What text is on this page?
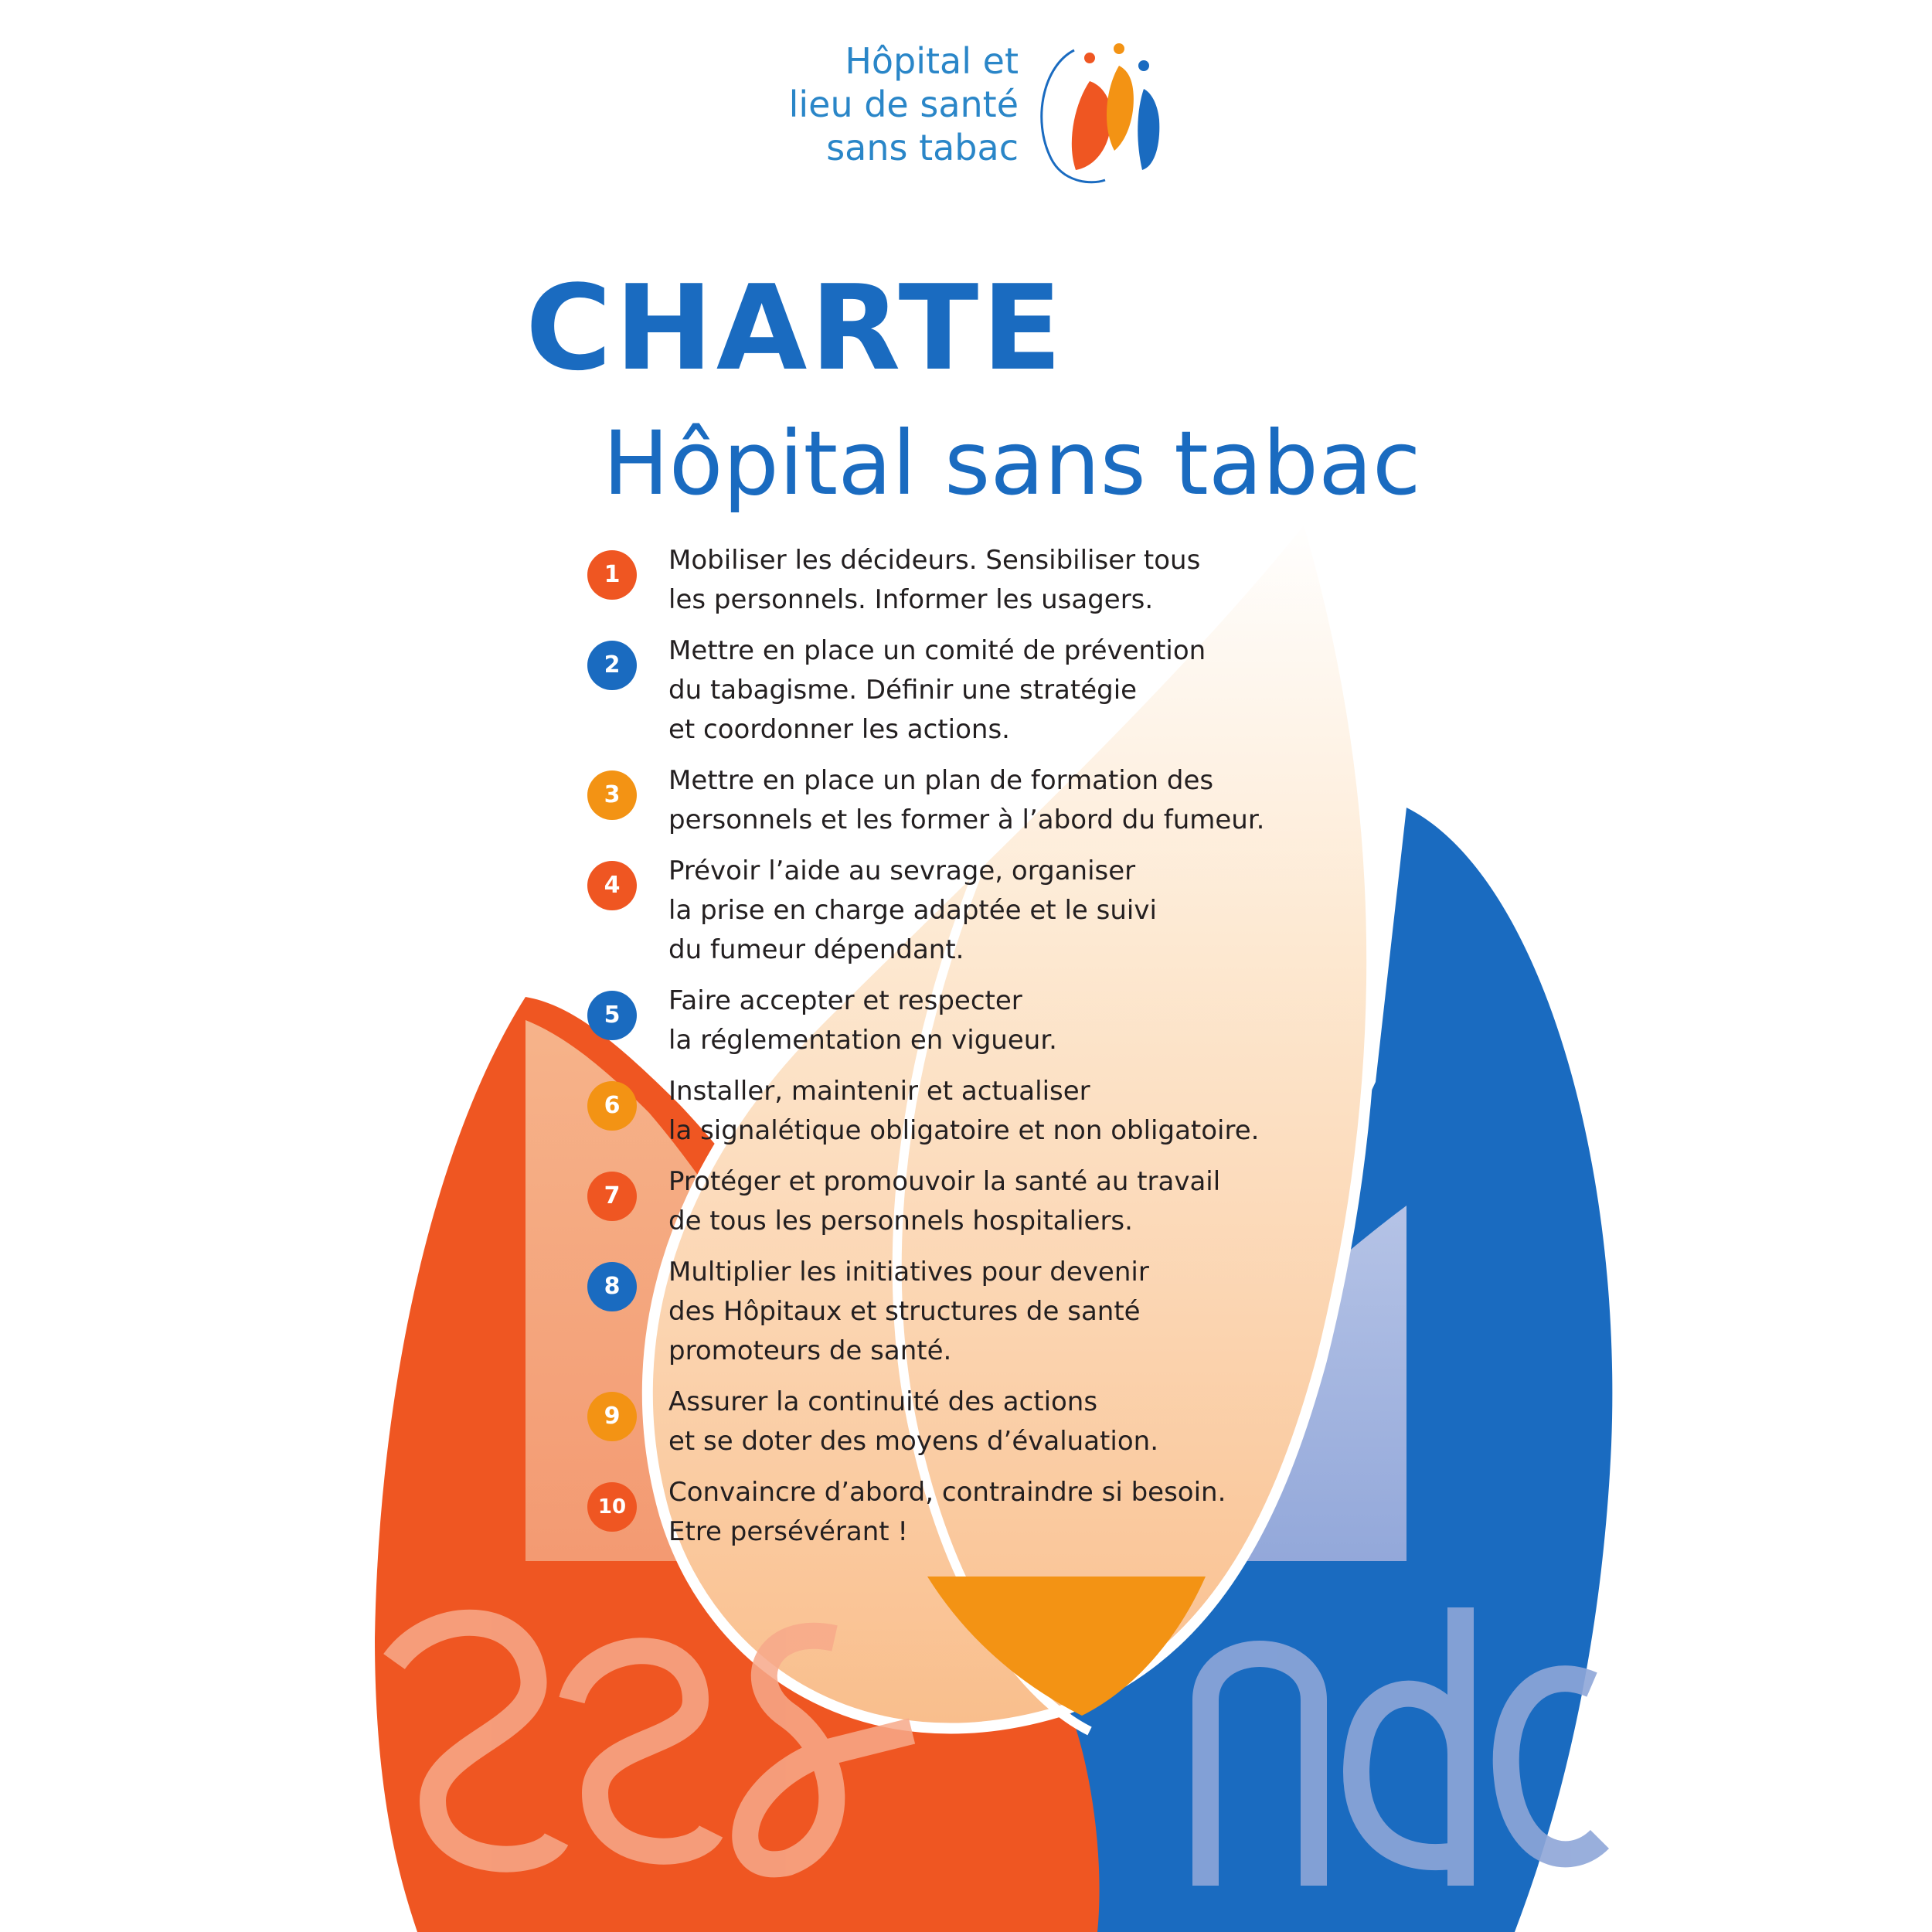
Hôpital et
lieu de santé
sans tabac
CHARTE
Hôpital sans tabac
1	Mobiliser les décideurs. Sensibiliser tous
les personnels. Informer les usagers.
2	Mettre en place un comité de prévention
du tabagisme. Définir une stratégie
et coordonner les actions.
3	Mettre en place un plan de formation des
personnels et les former à l’abord du fumeur.
4	Prévoir l’aide au sevrage, organiser
la prise en charge adaptée et le suivi
du fumeur dépendant.
5	Faire accepter et respecter
la réglementation en vigueur.
6	Installer, maintenir et actualiser
la signalétique obligatoire et non obligatoire.
7	Protéger et promouvoir la santé au travail
de tous les personnels hospitaliers.
8	Multiplier les initiatives pour devenir
des Hôpitaux et structures de santé
promoteurs de santé.
9	Assurer la continuité des actions
et se doter des moyens d’évaluation.
10	Convaincre d’abord, contraindre si besoin.
Etre persévérant !
